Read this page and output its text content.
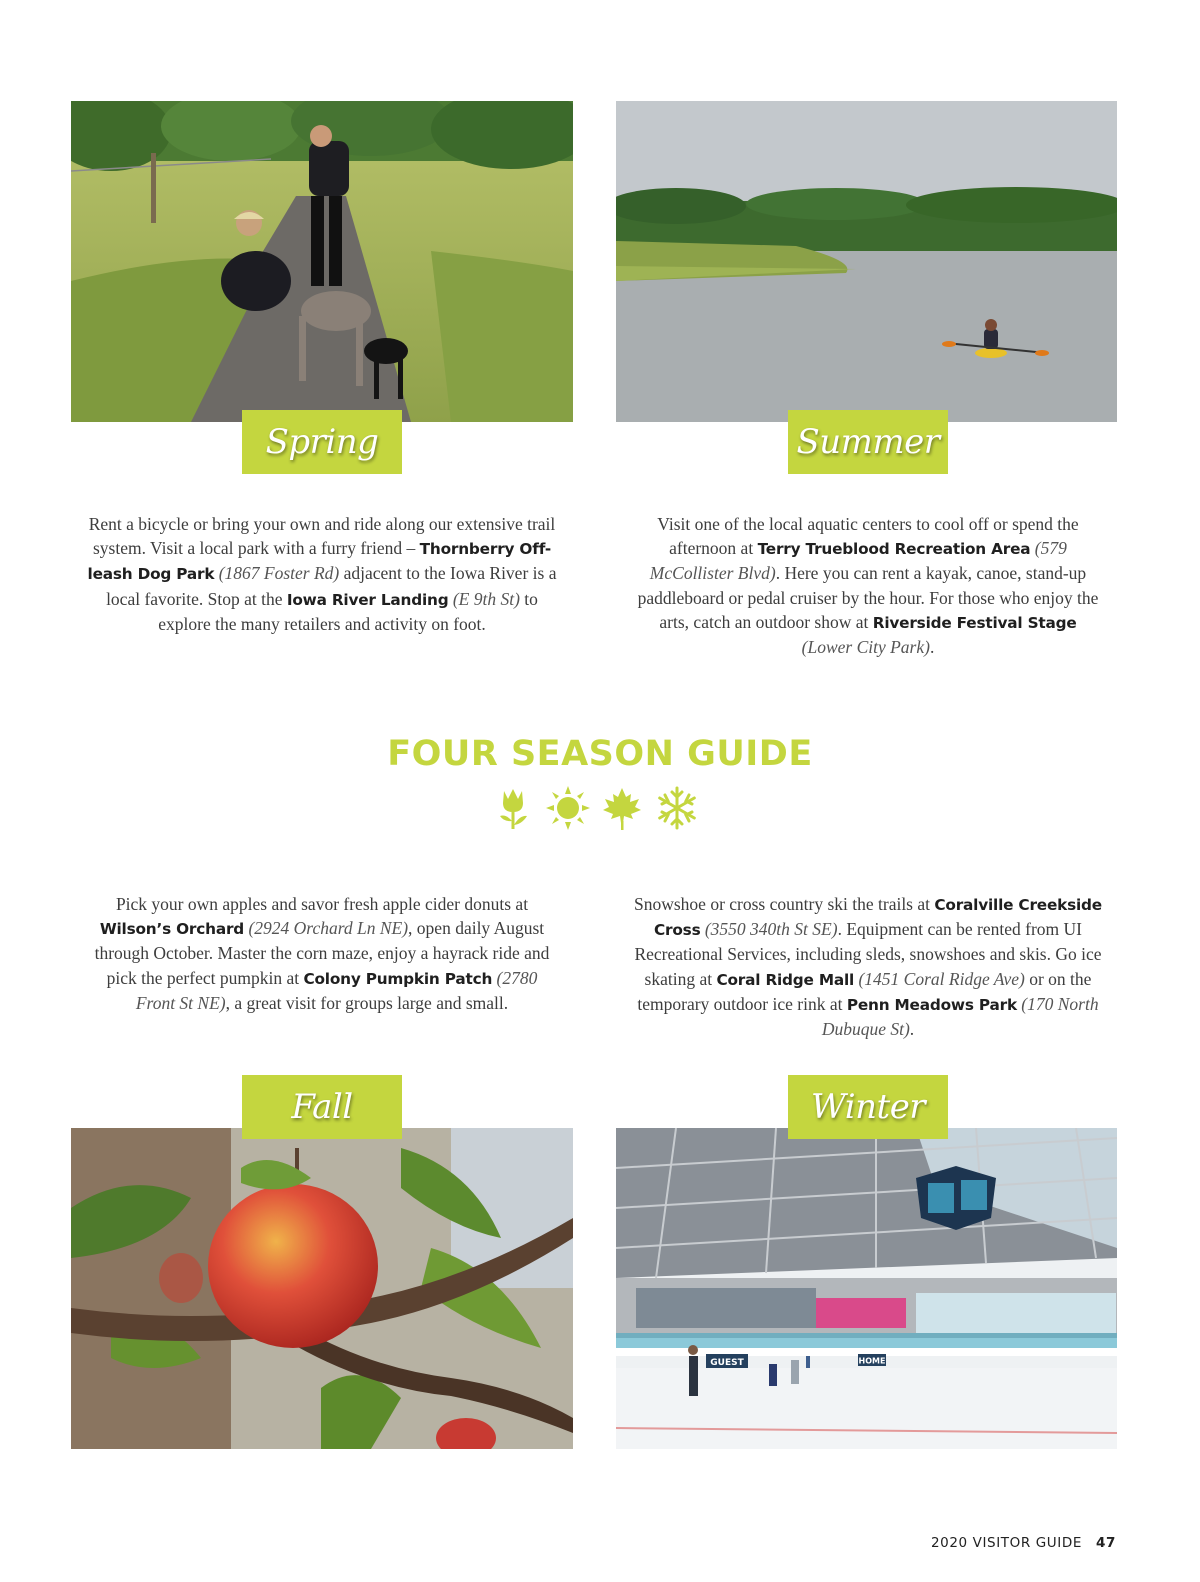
Spring	Summer
Rent a bicycle or bring your own and ride along our extensive trail system. Visit a local park with a furry friend – Thornberry Off-leash Dog Park (1867 Foster Rd) adjacent to the Iowa River is a local favorite. Stop at the Iowa River Landing (E 9th St) to explore the many retailers and activity on foot.
Visit one of the local aquatic centers to cool off or spend the afternoon at Terry Trueblood Recreation Area (579 McCollister Blvd). Here you can rent a kayak, canoe, stand-up paddleboard or pedal cruiser by the hour. For those who enjoy the arts, catch an outdoor show at Riverside Festival Stage (Lower City Park).
FOUR SEASON GUIDE
Pick your own apples and savor fresh apple cider donuts at Wilson’s Orchard (2924 Orchard Ln NE), open daily August through October. Master the corn maze, enjoy a hayrack ride and pick the perfect pumpkin at Colony Pumpkin Patch (2780 Front St NE), a great visit for groups large and small.
Snowshoe or cross country ski the trails at Coralville Creekside Cross (3550 340th St SE). Equipment can be rented from UI Recreational Services, including sleds, snowshoes and skis. Go ice skating at Coral Ridge Mall (1451 Coral Ridge Ave) or on the temporary outdoor ice rink at Penn Meadows Park (170 North Dubuque St).
Fall
GUEST	HOME
Winter
2020 VISITOR GUIDE 47
